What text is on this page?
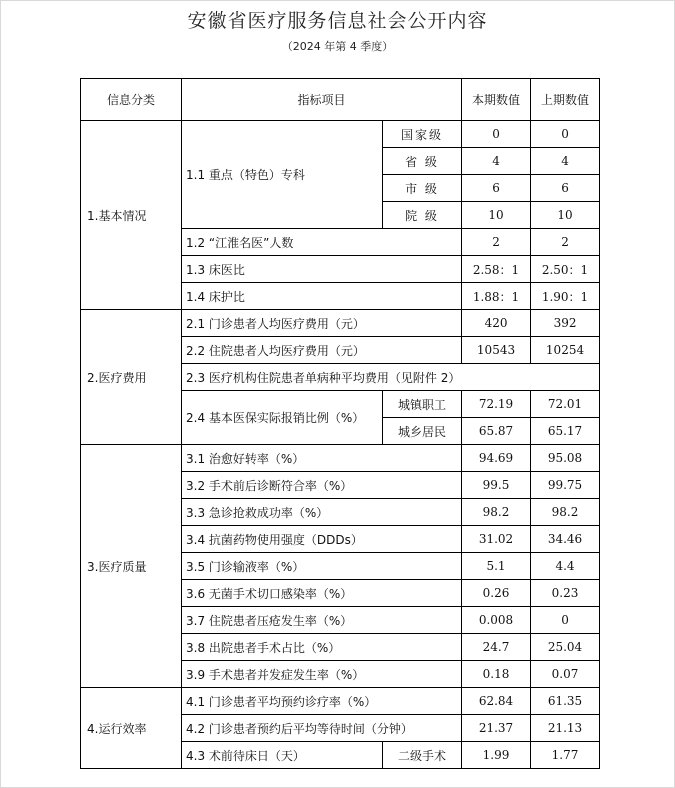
安徽省医疗服务信息社会公开内容
（2024 年第 4 季度）
信息分类	指标项目		本期数值	上期数值
1.基本情况	1.1 重点（特色）专科	国家级	0	0
		省 级	4	4
		市 级	6	6
		院 级	10	10
	1.2 “江淮名医”人数		2	2
	1.3 床医比		2.58：1	2.50：1
	1.4 床护比		1.88：1	1.90：1
2.医疗费用	2.1 门诊患者人均医疗费用（元）		420	392
	2.2 住院患者人均医疗费用（元）		10543	10254
	2.3 医疗机构住院患者单病种平均费用（见附件 2）			
	2.4 基本医保实际报销比例（%）	城镇职工	72.19	72.01
		城乡居民	65.87	65.17
3.医疗质量	3.1 治愈好转率（%）		94.69	95.08
	3.2 手术前后诊断符合率（%）		99.5	99.75
	3.3 急诊抢救成功率（%）		98.2	98.2
	3.4 抗菌药物使用强度（DDDs）		31.02	34.46
	3.5 门诊输液率（%）		5.1	4.4
	3.6 无菌手术切口感染率（%）		0.26	0.23
	3.7 住院患者压疮发生率（%）		0.008	0
	3.8 出院患者手术占比（%）		24.7	25.04
	3.9 手术患者并发症发生率（%）		0.18	0.07
4.运行效率	4.1 门诊患者平均预约诊疗率（%）		62.84	61.35
	4.2 门诊患者预约后平均等待时间（分钟）		21.37	21.13
	4.3 术前待床日（天）	二级手术	1.99	1.77
